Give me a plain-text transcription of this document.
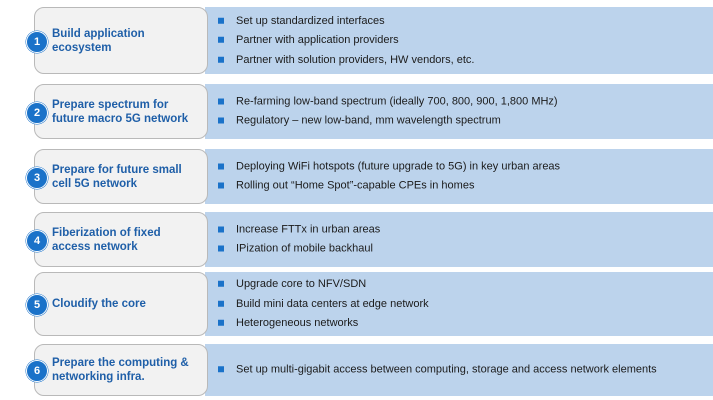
1
Build application ecosystem
Set up standardized interfaces
Partner with application providers
Partner with solution providers, HW vendors, etc.
2
Prepare spectrum for future macro 5G network
Re-farming low-band spectrum (ideally 700, 800, 900, 1,800 MHz)
Regulatory – new low-band, mm wavelength spectrum
3
Prepare for future small cell 5G network
Deploying WiFi hotspots (future upgrade to 5G) in key urban areas
Rolling out “Home Spot”-capable CPEs in homes
4
Fiberization of fixed access network
Increase FTTx in urban areas
IPization of mobile backhaul
5	Cloudify the core
Upgrade core to NFV/SDN
Build mini data centers at edge network
Heterogeneous networks
6
Prepare the computing & networking infra.
Set up multi-gigabit access between computing, storage and access network elements
